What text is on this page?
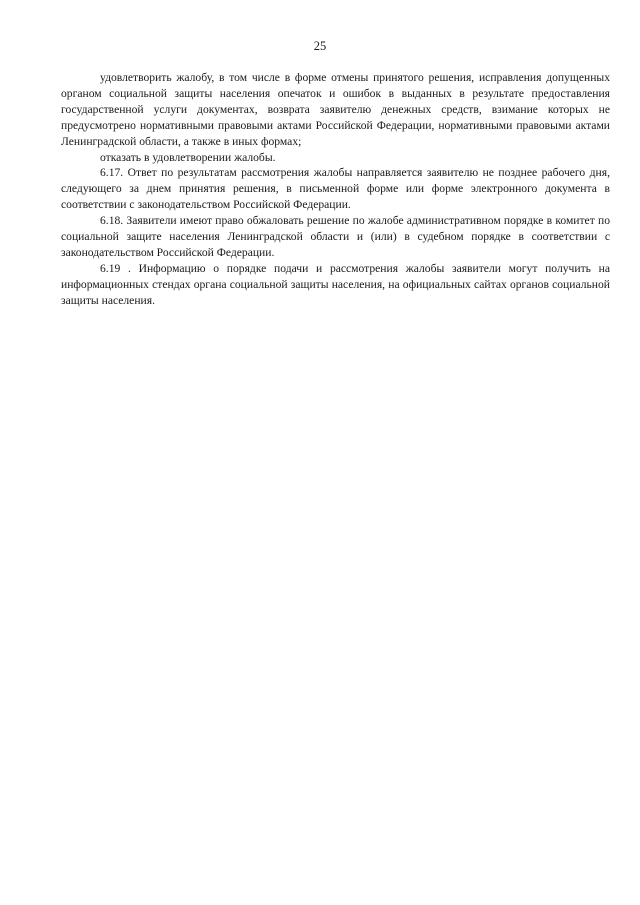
25

удовлетворить жалобу, в том числе в форме отмены принятого решения, исправления допущенных органом социальной защиты населения опечаток и ошибок в выданных в результате предоставления государственной услуги документах, возврата заявителю денежных средств, взимание которых не предусмотрено нормативными правовыми актами Российской Федерации, нормативными правовыми актами Ленинградской области, а также в иных формах;

отказать в удовлетворении жалобы.

6.17. Ответ по результатам рассмотрения жалобы направляется заявителю не позднее рабочего дня, следующего за днем принятия решения, в письменной форме или форме электронного документа в соответствии с законодательством Российской Федерации.

6.18. Заявители имеют право обжаловать решение по жалобе административном порядке в комитет по социальной защите населения Ленинградской области и (или) в судебном порядке в соответствии с законодательством Российской Федерации.

6.19 . Информацию о порядке подачи и рассмотрения жалобы заявители могут получить на информационных стендах органа социальной защиты населения, на официальных сайтах органов социальной защиты населения.
